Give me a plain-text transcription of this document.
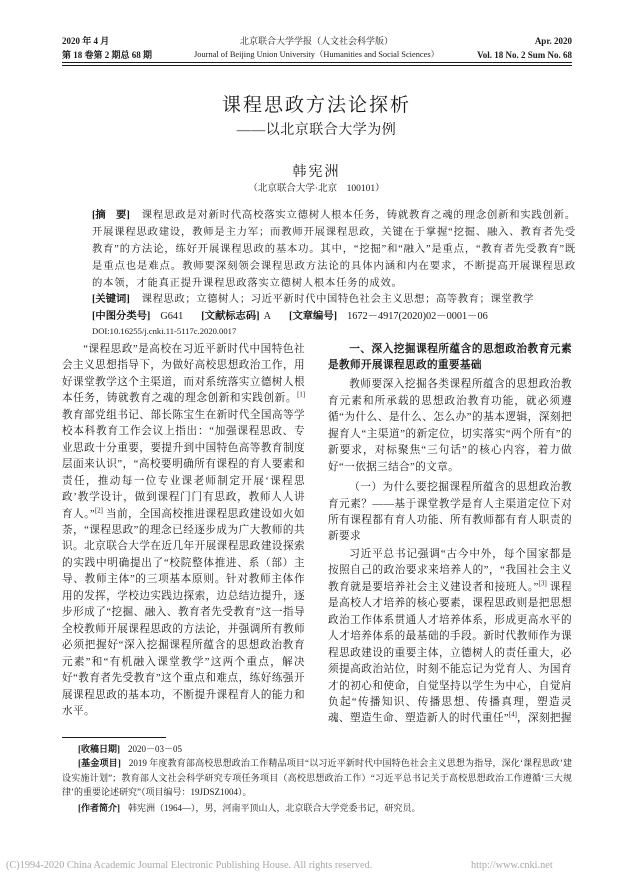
2020 年 4 月
第 18 卷第 2 期总 68 期
北京联合大学学报（人文社会科学版）
Journal of Beijing Union University（Humanities and Social Sciences）
Apr. 2020
Vol. 18 No. 2 Sum No. 68
课程思政方法论探析
——以北京联合大学为例
韩宪洲
（北京联合大学·北京　100101）

[摘　要] 课程思政是对新时代高校落实立德树人根本任务，铸就教育之魂的理念创新和实践创新。开展课程思政建设，教师是主力军；而教师开展课程思政，关键在于掌握“挖掘、融入、教育者先受教育”的方法论，练好开展课程思政的基本功。其中，“挖掘”和“融入”是重点，“教育者先受教育”既是重点也是难点。教师要深刻领会课程思政方法论的具体内涵和内在要求，不断提高开展课程思政的本领，才能真正提升课程思政落实立德树人根本任务的成效。

[关键词] 课程思政；立德树人；习近平新时代中国特色社会主义思想；高等教育；课堂教学

[中图分类号] G641 [文献标志码] A [文章编号] 1672－4917(2020)02－0001－06

DOI:10.16255/j.cnki.11-5117c.2020.0017

“课程思政”是高校在习近平新时代中国特色社会主义思想指导下，为做好高校思想政治工作，用好课堂教学这个主渠道，而对系统落实立德树人根本任务，铸就教育之魂的理念创新和实践创新。[1] 教育部党组书记、部长陈宝生在新时代全国高等学校本科教育工作会议上指出：“加强课程思政、专业思政十分重要，要提升到中国特色高等教育制度层面来认识”，“高校要明确所有课程的育人要素和责任，推动每一位专业课老师制定开展‘课程思政’教学设计，做到课程门门有思政，教师人人讲育人。”[2] 当前，全国高校推进课程思政建设如火如荼，“课程思政”的理念已经逐步成为广大教师的共识。北京联合大学在近几年开展课程思政建设探索的实践中明确提出了“校院整体推进、系（部）主导、教师主体”的三项基本原则。针对教师主体作用的发挥，学校边实践边探索，边总结边提升，逐步形成了“挖掘、融入、教育者先受教育”这一指导全校教师开展课程思政的方法论，并强调所有教师必须把握好“深入挖掘课程所蕴含的思想政治教育元素”和“有机融入课堂教学”这两个重点，解决好“教育者先受教育”这个重点和难点，练好练强开展课程思政的基本功，不断提升课程育人的能力和水平。

一、深入挖掘课程所蕴含的思想政治教育元素是教师开展课程思政的重要基础

教师要深入挖掘各类课程所蕴含的思想政治教育元素和所承载的思想政治教育功能，就必须遵循“为什么、是什么、怎么办”的基本逻辑，深刻把握育人“主渠道”的新定位，切实落实“两个所有”的新要求，对标聚焦“三句话”的核心内容，着力做好“一依据三结合”的文章。

（一）为什么要挖掘课程所蕴含的思想政治教育元素？——基于课堂教学是育人主渠道定位下对所有课程都有育人功能、所有教师都有育人职责的新要求

习近平总书记强调“古今中外，每个国家都是按照自己的政治要求来培养人的”，“我国社会主义教育就是要培养社会主义建设者和接班人。”[3] 课程是高校人才培养的核心要素，课程思政则是把思想政治工作体系贯通人才培养体系，形成更高水平的人才培养体系的最基础的手段。新时代教师作为课程思政建设的重要主体，立德树人的责任重大，必须提高政治站位，时刻不能忘记为党育人、为国育才的初心和使命，自觉坚持以学生为中心，自觉肩负起“传播知识、传播思想、传播真理，塑造灵魂、塑造生命、塑造新人的时代重任”[4]，深刻把握

[收稿日期] 2020－03－05

[基金项目] 2019 年度教育部高校思想政治工作精品项目“以习近平新时代中国特色社会主义思想为指导，深化‘课程思政’建设实施计划”；教育部人文社会科学研究专项任务项目（高校思想政治工作）“习近平总书记关于高校思想政治工作遵循‘三大规律’的重要论述研究”（项目编号：19JDSZ1004）。

[作者简介] 韩宪洲（1964—），男，河南平顶山人，北京联合大学党委书记，研究员。

(C)1994-2020 China Academic Journal Electronic Publishing House. All rights reserved.	http://www.cnki.net
